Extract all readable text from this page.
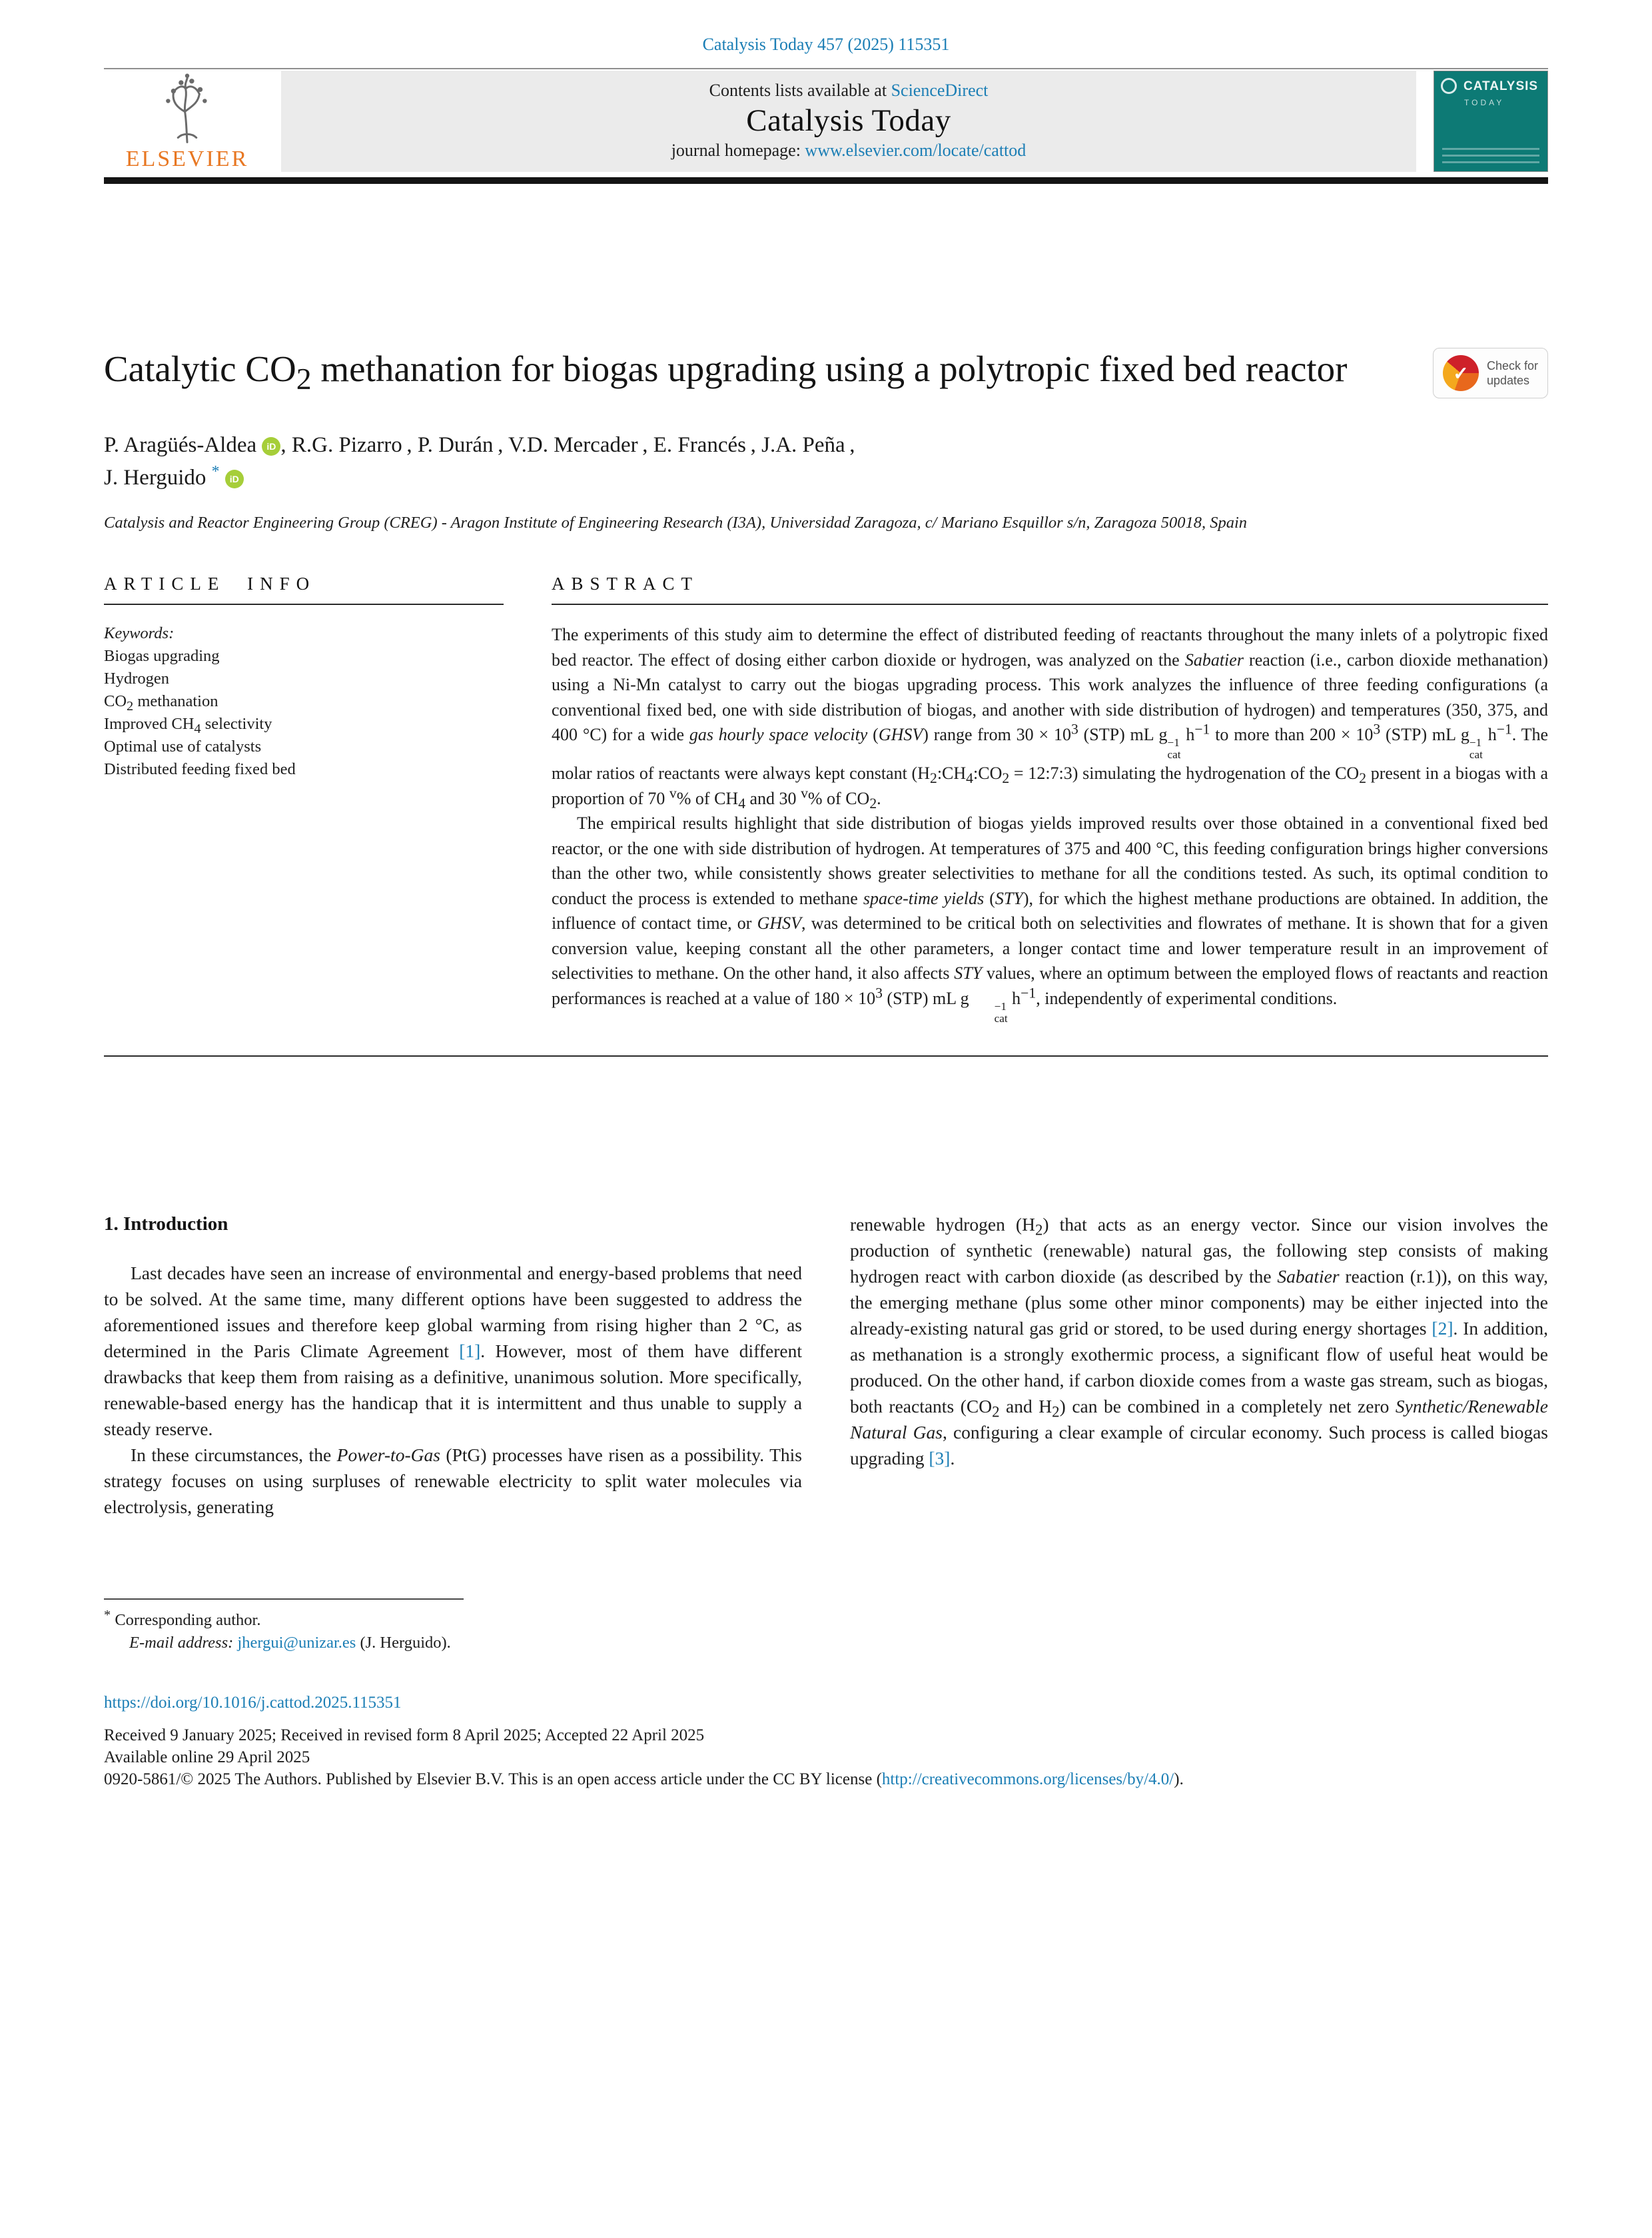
Catalysis Today 457 (2025) 115351
ELSEVIER
Contents lists available at ScienceDirect
Catalysis Today
journal homepage: www.elsevier.com/locate/cattod
CATALYSIS
TODAY
Catalytic $CO_2$ methanation for biogas upgrading using a polytropic fixed bed reactor	✓	Check for
updates
P. Aragüés-Aldea iD , R.G. Pizarro , P. Durán , V.D. Mercader , E. Francés , J.A. Peña ,
J. Herguido * iD
Catalysis and Reactor Engineering Group (CREG) - Aragon Institute of Engineering Research (I3A), Universidad Zaragoza, c/ Mariano Esquillor s/n, Zaragoza 50018, Spain
ARTICLE INFO
Keywords:
Biogas upgrading
Hydrogen
$CO_2$ methanation
Improved $CH_4$ selectivity
Optimal use of catalysts
Distributed feeding fixed bed
ABSTRACT

The experiments of this study aim to determine the effect of distributed feeding of reactants throughout the many inlets of a polytropic fixed bed reactor. The effect of dosing either carbon dioxide or hydrogen, was analyzed on the Sabatier reaction (i.e., carbon dioxide methanation) using a Ni-Mn catalyst to carry out the biogas upgrading process. This work analyzes the influence of three feeding configurations (a conventional fixed bed, one with side distribution of biogas, and another with side distribution of hydrogen) and temperatures (350, 375, and 400 °C) for a wide gas hourly space velocity (GHSV) range from $30 \times 10^3$ (STP) mL g −1
cat
$h^{-1}$ to more than $200 \times 10^3$ (STP) mL g −1
cat
$h^{-1}$. The molar ratios of reactants were always kept constant ($H_2:CH_4:CO_2$ = 12:7:3) simulating the hydrogenation of the $CO_2$ present in a biogas with a proportion of 70 $^v$% of $CH_4$ and 30 $^v$% of $CO_2$.

The empirical results highlight that side distribution of biogas yields improved results over those obtained in a conventional fixed bed reactor, or the one with side distribution of hydrogen. At temperatures of 375 and 400 °C, this feeding configuration brings higher conversions than the other two, while consistently shows greater selectivities to methane for all the conditions tested. As such, its optimal condition to conduct the process is extended to methane space-time yields (STY), for which the highest methane productions are obtained. In addition, the influence of contact time, or GHSV, was determined to be critical both on selectivities and flowrates of methane. It is shown that for a given conversion value, keeping constant all the other parameters, a longer contact time and lower temperature result in an improvement of selectivities to methane. On the other hand, it also affects STY values, where an optimum between the employed flows of reactants and reaction performances is reached at a value of $180 \times 10^3$ (STP) mL g	−1
cat
$h^{-1}$, independently of experimental conditions.

1. Introduction

Last decades have seen an increase of environmental and energy-based problems that need to be solved. At the same time, many different options have been suggested to address the aforementioned issues and therefore keep global warming from rising higher than 2 °C, as determined in the Paris Climate Agreement [1]. However, most of them have different drawbacks that keep them from raising as a definitive, unanimous solution. More specifically, renewable-based energy has the handicap that it is intermittent and thus unable to supply a steady reserve.

In these circumstances, the Power-to-Gas (PtG) processes have risen as a possibility. This strategy focuses on using surpluses of renewable electricity to split water molecules via electrolysis, generating

renewable hydrogen $(H_2)$ that acts as an energy vector. Since our vision involves the production of synthetic (renewable) natural gas, the following step consists of making hydrogen react with carbon dioxide (as described by the Sabatier reaction (r.1)), on this way, the emerging methane (plus some other minor components) may be either injected into the already-existing natural gas grid or stored, to be used during energy shortages [2]. In addition, as methanation is a strongly exothermic process, a significant flow of useful heat would be produced. On the other hand, if carbon dioxide comes from a waste gas stream, such as biogas, both reactants ($CO_2$ and $H_2$) can be combined in a completely net zero Synthetic/Renewable Natural Gas, configuring a clear example of circular economy. Such process is called biogas upgrading [3].

* Corresponding author.
E-mail address: jhergui@unizar.es (J. Herguido).
https://doi.org/10.1016/j.cattod.2025.115351
Received 9 January 2025; Received in revised form 8 April 2025; Accepted 22 April 2025
Available online 29 April 2025
0920-5861/© 2025 The Authors. Published by Elsevier B.V. This is an open access article under the CC BY license (http://creativecommons.org/licenses/by/4.0/).
